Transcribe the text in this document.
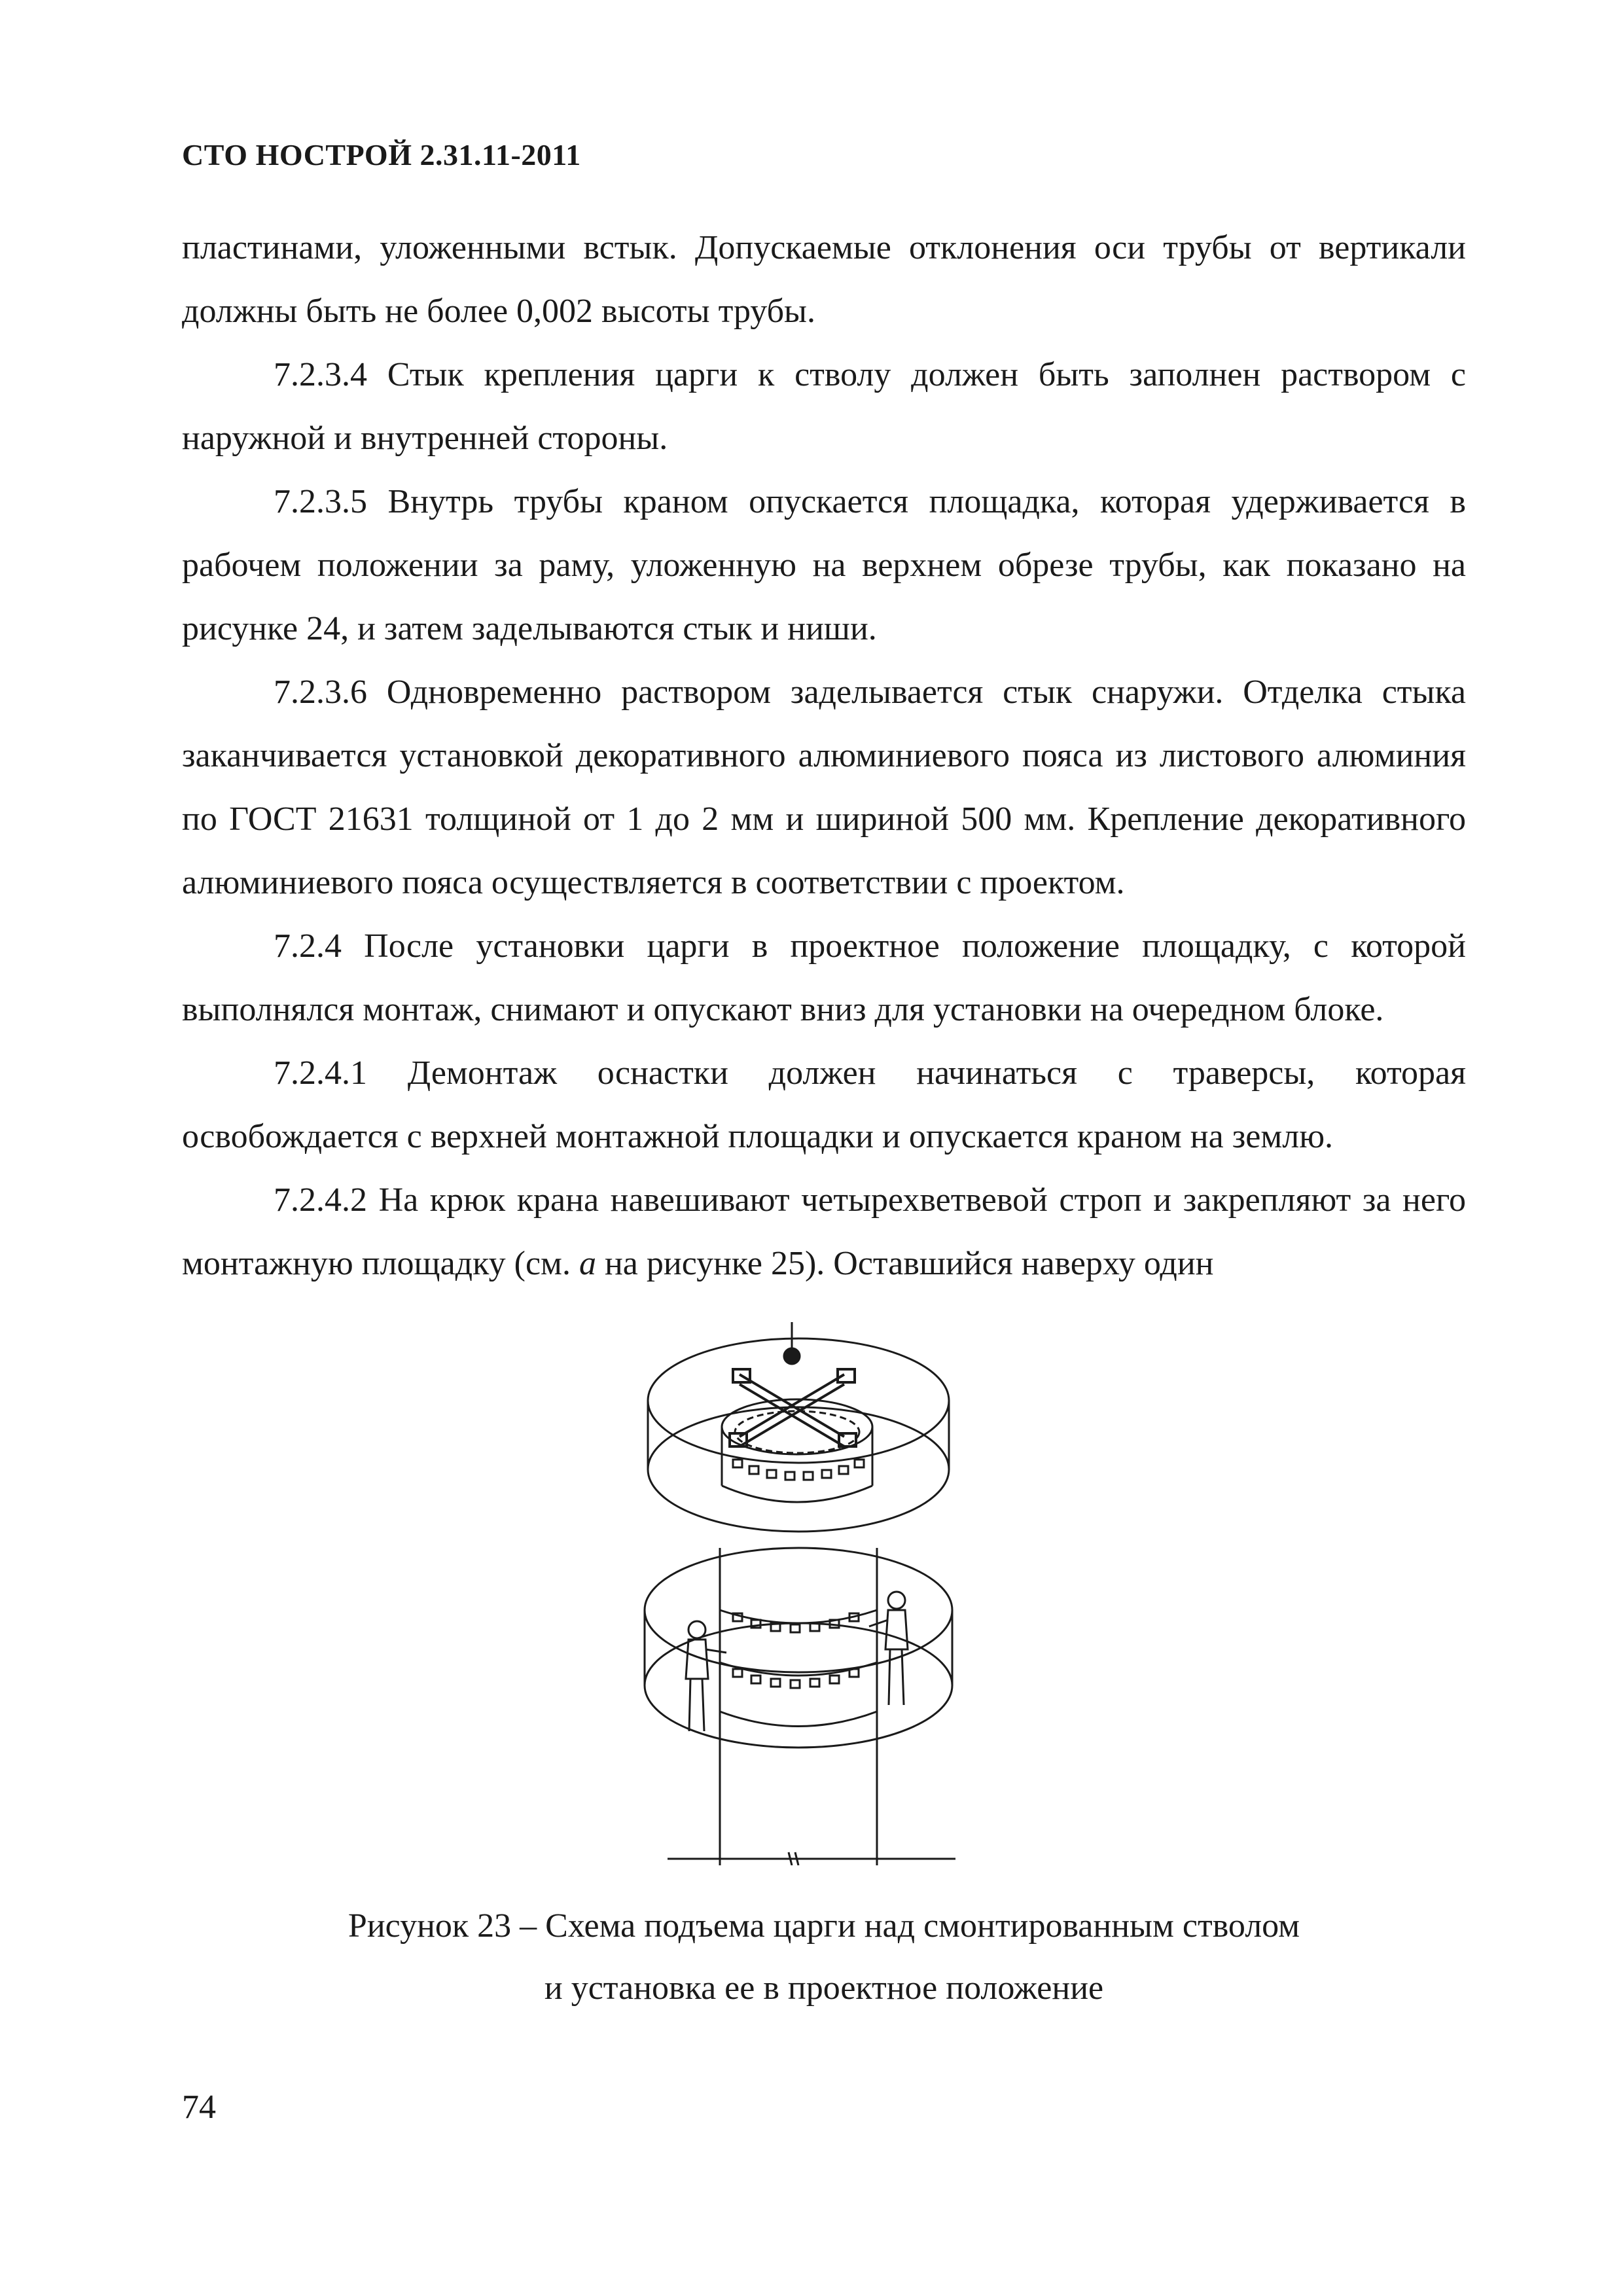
СТО НОСТРОЙ 2.31.11-2011

пластинами, уложенными встык. Допускаемые отклонения оси трубы от вертикали должны быть не более 0,002 высоты трубы.

7.2.3.4 Стык крепления царги к стволу должен быть заполнен раствором с наружной и внутренней стороны.

7.2.3.5 Внутрь трубы краном опускается площадка, которая удерживается в рабочем положении за раму, уложенную на верхнем обрезе трубы, как показано на рисунке 24, и затем заделываются стык и ниши.

7.2.3.6 Одновременно раствором заделывается стык снаружи. Отделка стыка заканчивается установкой декоративного алюминиевого пояса из листового алюминия по ГОСТ 21631 толщиной от 1 до 2 мм и шириной 500 мм. Крепление декоративного алюминиевого пояса осуществляется в соответствии с проектом.

7.2.4 После установки царги в проектное положение площадку, с которой выполнялся монтаж, снимают и опускают вниз для установки на очередном блоке.

7.2.4.1 Демонтаж оснастки должен начинаться с траверсы, которая освобождается с верхней монтажной площадки и опускается краном на землю.

7.2.4.2 На крюк крана навешивают четырехветвевой строп и закрепляют за него монтажную площадку (см. а на рисунке 25). Оставшийся наверху один

Рисунок 23 – Схема подъема царги над смонтированным стволом
и установка ее в проектное положение
74
